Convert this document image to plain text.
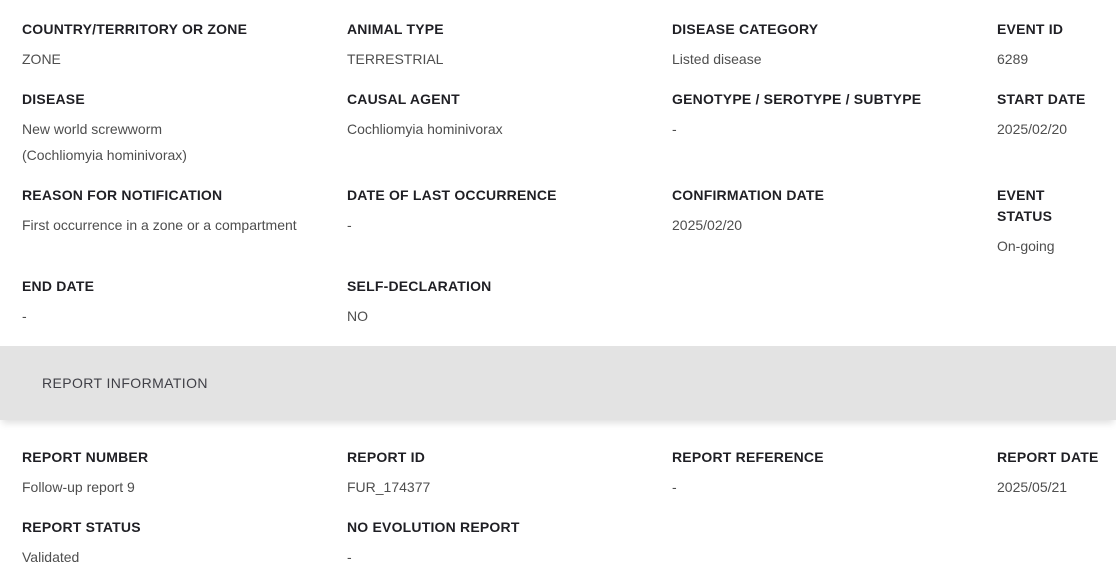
COUNTRY/TERRITORY OR ZONE
ZONE
ANIMAL TYPE
TERRESTRIAL
DISEASE CATEGORY
Listed disease
EVENT ID
6289
DISEASE
New world screwworm (Cochliomyia hominivorax)
CAUSAL AGENT
Cochliomyia hominivorax
GENOTYPE / SEROTYPE / SUBTYPE
-
START DATE
2025/02/20
REASON FOR NOTIFICATION
First occurrence in a zone or a compartment
DATE OF LAST OCCURRENCE
-
CONFIRMATION DATE
2025/02/20
EVENT STATUS
On-going
END DATE
-
SELF-DECLARATION
NO
REPORT INFORMATION
REPORT NUMBER
Follow-up report 9
REPORT ID
FUR_174377
REPORT REFERENCE
-
REPORT DATE
2025/05/21
REPORT STATUS
Validated
NO EVOLUTION REPORT
-
